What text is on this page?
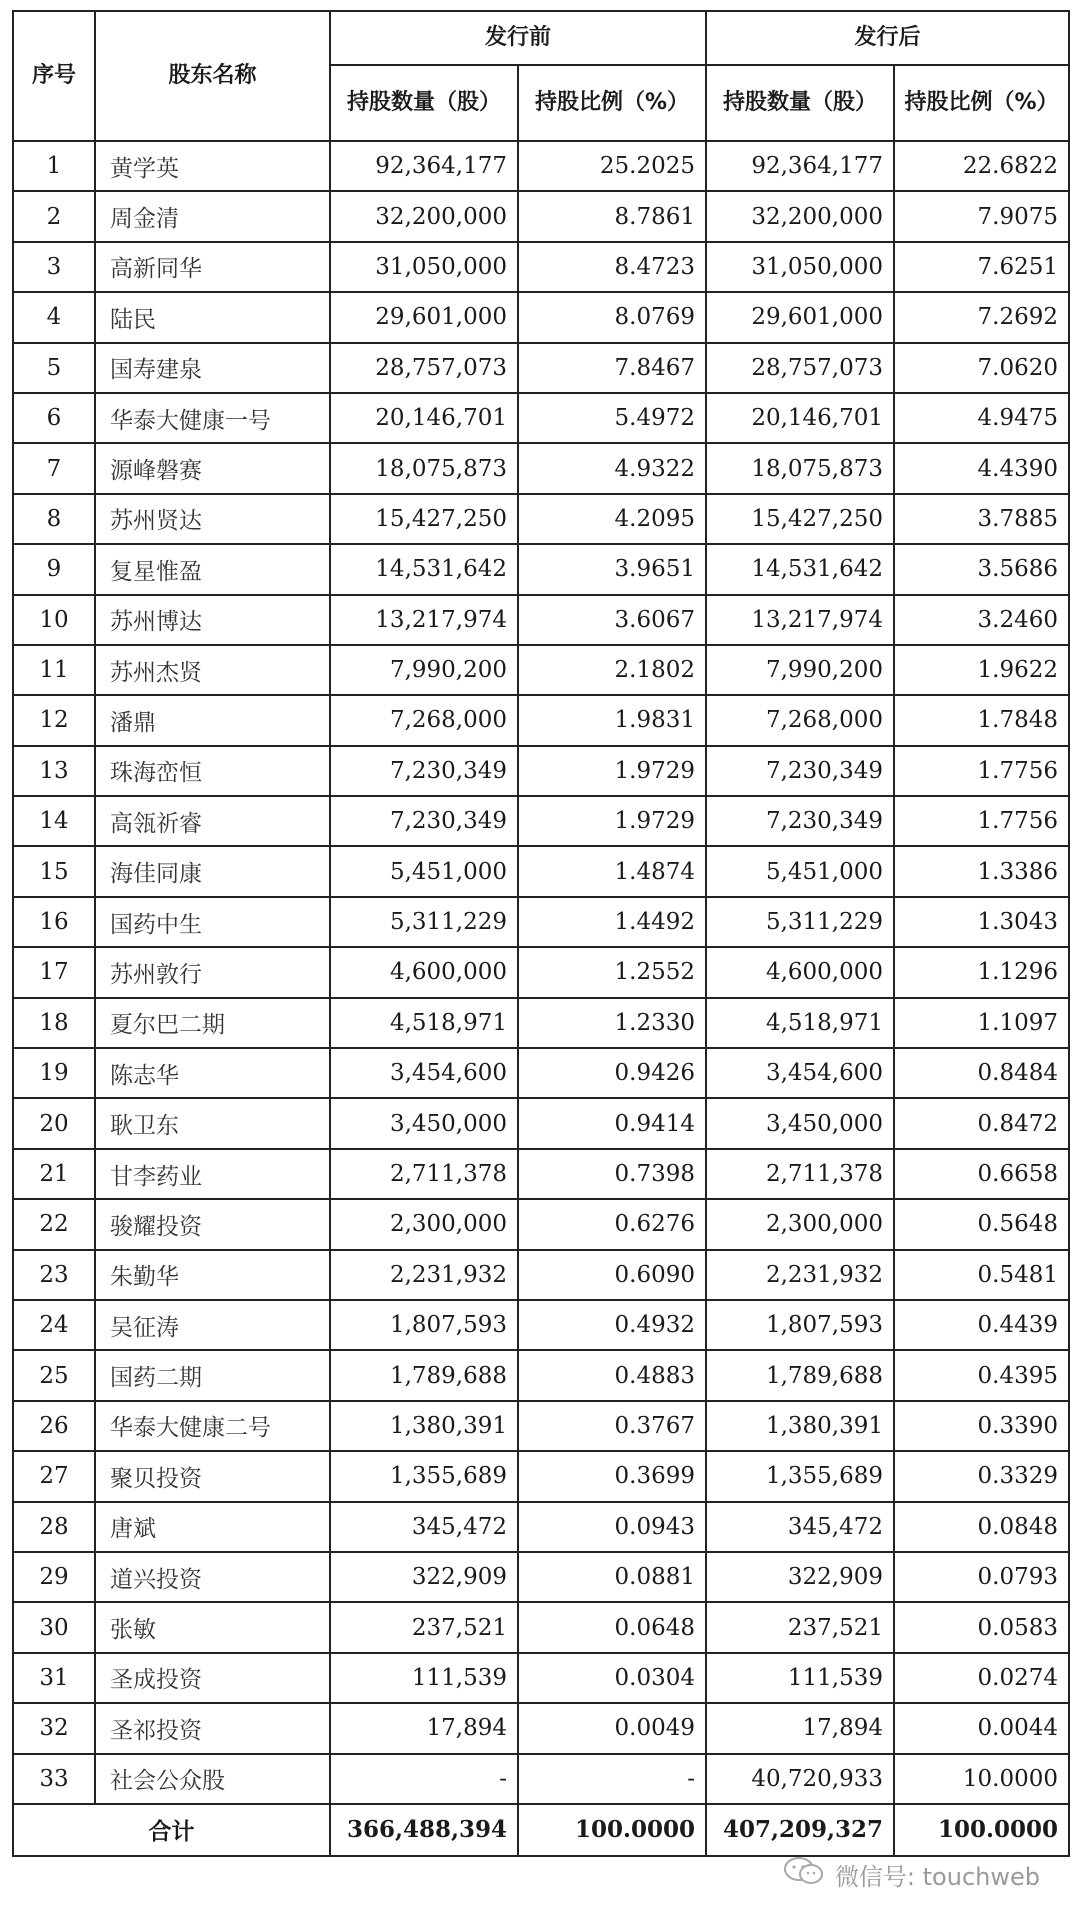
序号	股东名称	发行前		发行后	
		持股数量（股）	持股比例（%）	持股数量（股）	持股比例（%）
1	黄学英	92,364,177	25.2025	92,364,177	22.6822
2	周金清	32,200,000	8.7861	32,200,000	7.9075
3	高新同华	31,050,000	8.4723	31,050,000	7.6251
4	陆民	29,601,000	8.0769	29,601,000	7.2692
5	国寿建泉	28,757,073	7.8467	28,757,073	7.0620
6	华泰大健康一号	20,146,701	5.4972	20,146,701	4.9475
7	源峰磐赛	18,075,873	4.9322	18,075,873	4.4390
8	苏州贤达	15,427,250	4.2095	15,427,250	3.7885
9	复星惟盈	14,531,642	3.9651	14,531,642	3.5686
10	苏州博达	13,217,974	3.6067	13,217,974	3.2460
11	苏州杰贤	7,990,200	2.1802	7,990,200	1.9622
12	潘鼎	7,268,000	1.9831	7,268,000	1.7848
13	珠海峦恒	7,230,349	1.9729	7,230,349	1.7756
14	高瓴祈睿	7,230,349	1.9729	7,230,349	1.7756
15	海佳同康	5,451,000	1.4874	5,451,000	1.3386
16	国药中生	5,311,229	1.4492	5,311,229	1.3043
17	苏州敦行	4,600,000	1.2552	4,600,000	1.1296
18	夏尔巴二期	4,518,971	1.2330	4,518,971	1.1097
19	陈志华	3,454,600	0.9426	3,454,600	0.8484
20	耿卫东	3,450,000	0.9414	3,450,000	0.8472
21	甘李药业	2,711,378	0.7398	2,711,378	0.6658
22	骏耀投资	2,300,000	0.6276	2,300,000	0.5648
23	朱勤华	2,231,932	0.6090	2,231,932	0.5481
24	吴征涛	1,807,593	0.4932	1,807,593	0.4439
25	国药二期	1,789,688	0.4883	1,789,688	0.4395
26	华泰大健康二号	1,380,391	0.3767	1,380,391	0.3390
27	聚贝投资	1,355,689	0.3699	1,355,689	0.3329
28	唐斌	345,472	0.0943	345,472	0.0848
29	道兴投资	322,909	0.0881	322,909	0.0793
30	张敏	237,521	0.0648	237,521	0.0583
31	圣成投资	111,539	0.0304	111,539	0.0274
32	圣祁投资	17,894	0.0049	17,894	0.0044
33	社会公众股	-	-	40,720,933	10.0000
合计		366,488,394	100.0000	407,209,327	100.0000
微信号: touchweb
